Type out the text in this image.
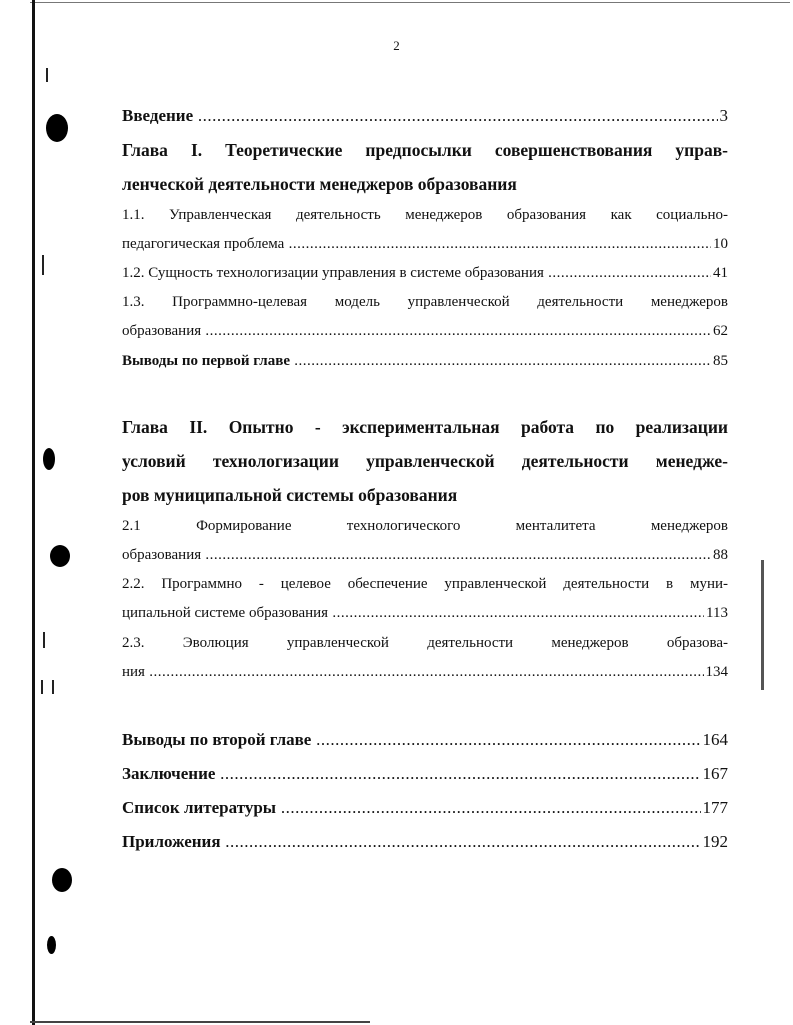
2
Введение .....	3
Глава I. Теоретические предпосылки совершенствования управ-
ленческой деятельности менеджеров образования
1.1. Управленческая деятельность менеджеров образования как социально-
педагогическая проблема .....	10
1.2. Сущность технологизации управления в системе образования .....	41
1.3. Программно-целевая модель управленческой деятельности менеджеров
образования .....	62
Выводы по первой главе .....	85
Глава II. Опытно - экспериментальная работа по реализации
условий технологизации управленческой деятельности менедже-
ров муниципальной системы образования
2.1 Формирование технологического менталитета менеджеров
образования .....	88
2.2. Программно - целевое обеспечение управленческой деятельности в муни-
ципальной системе образования .....	113
2.3. Эволюция управленческой деятельности менеджеров образова-
ния .....	134
Выводы по второй главе .....	164
Заключение .....	167
Список литературы .....	177
Приложения .....	192
